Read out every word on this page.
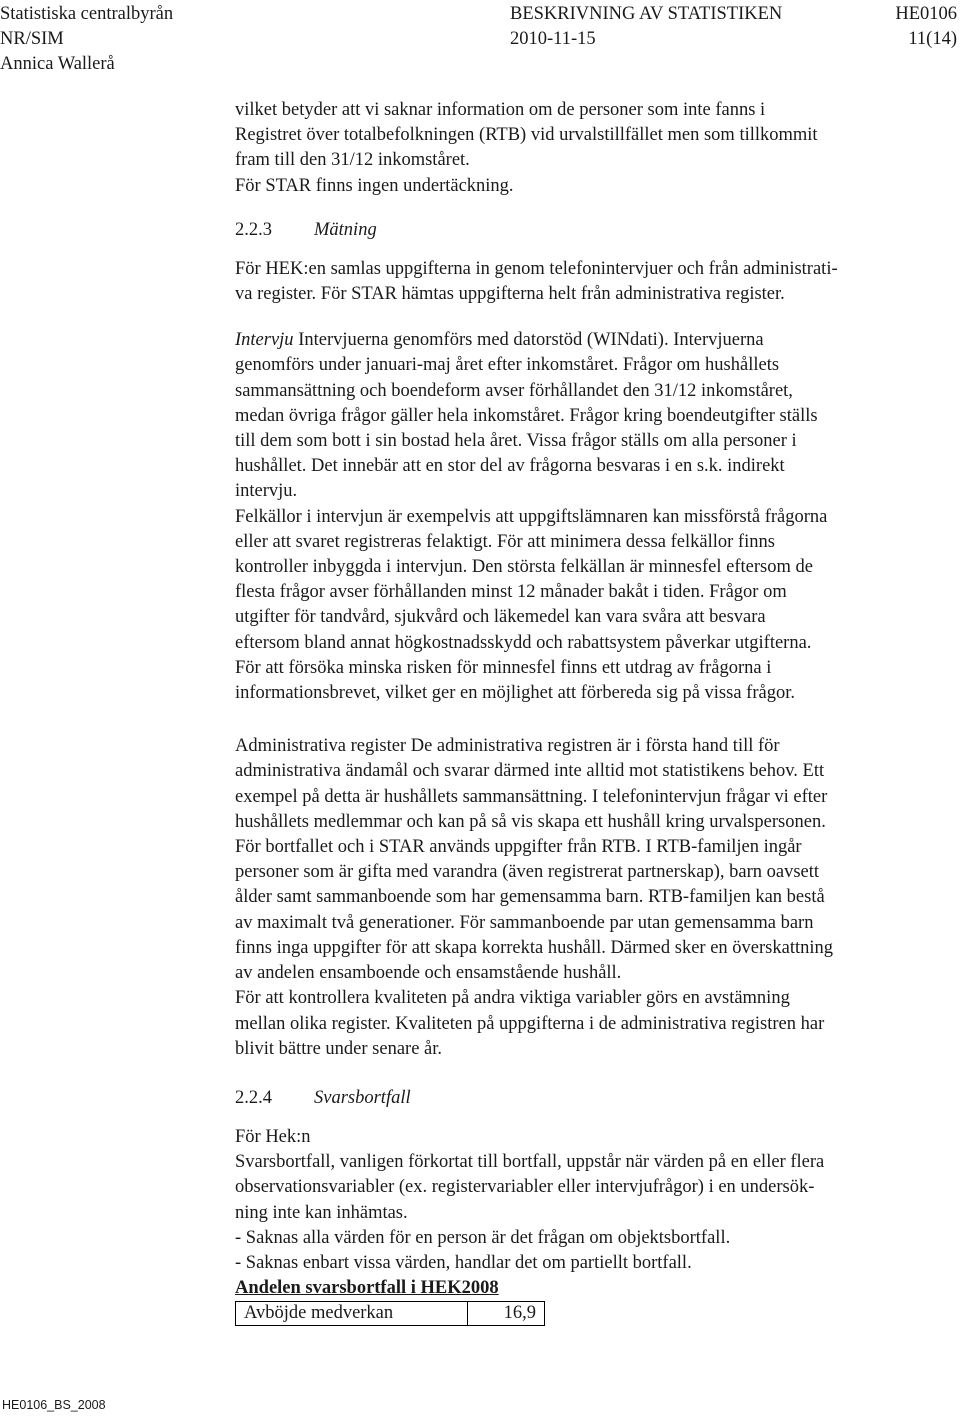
Statistiska centralbyrån	BESKRIVNING AV STATISTIKEN	HE0106
NR/SIM	2010-11-15	11(14)
Annica Wallerå

vilket betyder att vi saknar information om de personer som inte fanns i

Registret över totalbefolkningen (RTB) vid urvalstillfället men som tillkommit

fram till den 31/12 inkomståret.

För STAR finns ingen undertäckning.

2.2.3 Mätning

För HEK:en samlas uppgifterna in genom telefonintervjuer och från administrati-

va register. För STAR hämtas uppgifterna helt från administrativa register.

Intervju Intervjuerna genomförs med datorstöd (WINdati). Intervjuerna

genomförs under januari-maj året efter inkomståret. Frågor om hushållets

sammansättning och boendeform avser förhållandet den 31/12 inkomståret,

medan övriga frågor gäller hela inkomståret. Frågor kring boendeutgifter ställs

till dem som bott i sin bostad hela året. Vissa frågor ställs om alla personer i

hushållet. Det innebär att en stor del av frågorna besvaras i en s.k. indirekt

intervju.

Felkällor i intervjun är exempelvis att uppgiftslämnaren kan missförstå frågorna

eller att svaret registreras felaktigt. För att minimera dessa felkällor finns

kontroller inbyggda i intervjun. Den största felkällan är minnesfel eftersom de

flesta frågor avser förhållanden minst 12 månader bakåt i tiden. Frågor om

utgifter för tandvård, sjukvård och läkemedel kan vara svåra att besvara

eftersom bland annat högkostnadsskydd och rabattsystem påverkar utgifterna.

För att försöka minska risken för minnesfel finns ett utdrag av frågorna i

informationsbrevet, vilket ger en möjlighet att förbereda sig på vissa frågor.

Administrativa register De administrativa registren är i första hand till för

administrativa ändamål och svarar därmed inte alltid mot statistikens behov. Ett

exempel på detta är hushållets sammansättning. I telefonintervjun frågar vi efter

hushållets medlemmar och kan på så vis skapa ett hushåll kring urvalspersonen.

För bortfallet och i STAR används uppgifter från RTB. I RTB-familjen ingår

personer som är gifta med varandra (även registrerat partnerskap), barn oavsett

ålder samt sammanboende som har gemensamma barn. RTB-familjen kan bestå

av maximalt två generationer. För sammanboende par utan gemensamma barn

finns inga uppgifter för att skapa korrekta hushåll. Därmed sker en överskattning

av andelen ensamboende och ensamstående hushåll.

För att kontrollera kvaliteten på andra viktiga variabler görs en avstämning

mellan olika register. Kvaliteten på uppgifterna i de administrativa registren har

blivit bättre under senare år.

2.2.4 Svarsbortfall

För Hek:n

Svarsbortfall, vanligen förkortat till bortfall, uppstår när värden på en eller flera

observationsvariabler (ex. registervariabler eller intervjufrågor) i en undersök-

ning inte kan inhämtas.

- Saknas alla värden för en person är det frågan om objektsbortfall.

- Saknas enbart vissa värden, handlar det om partiellt bortfall.

Andelen svarsbortfall i HEK2008

Avböjde medverkan	16,9
HE0106_BS_2008
